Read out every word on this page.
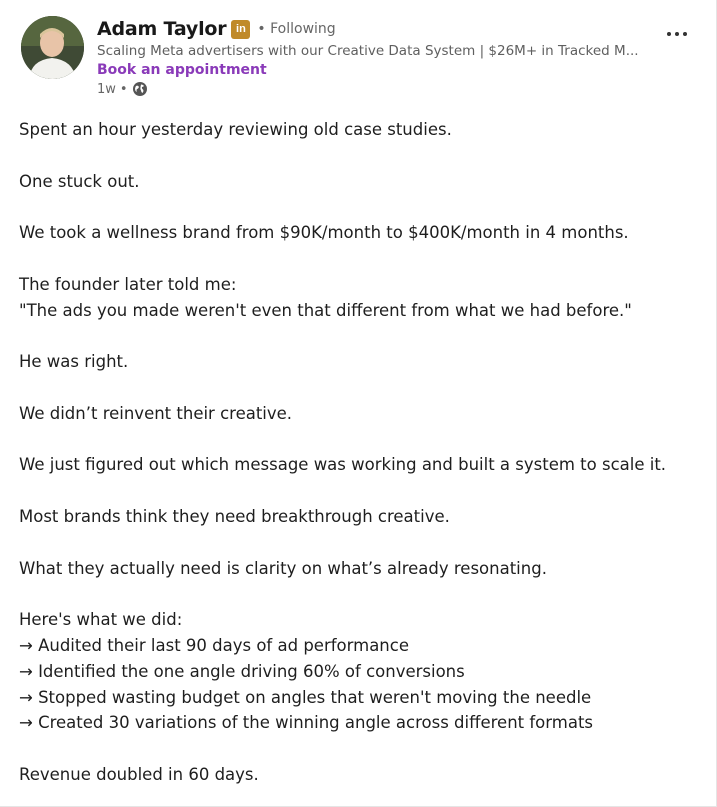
Adam Taylor in • Following
Scaling Meta advertisers with our Creative Data System | $26M+ in Tracked M...
Book an appointment
1w •

Spent an hour yesterday reviewing old case studies.

One stuck out.

We took a wellness brand from $90K/month to $400K/month in 4 months.

The founder later told me:

"The ads you made weren't even that different from what we had before."

He was right.

We didn’t reinvent their creative.

We just figured out which message was working and built a system to scale it.

Most brands think they need breakthrough creative.

What they actually need is clarity on what’s already resonating.

Here's what we did:

→ Audited their last 90 days of ad performance

→ Identified the one angle driving 60% of conversions

→ Stopped wasting budget on angles that weren't moving the needle

→ Created 30 variations of the winning angle across different formats

Revenue doubled in 60 days.
